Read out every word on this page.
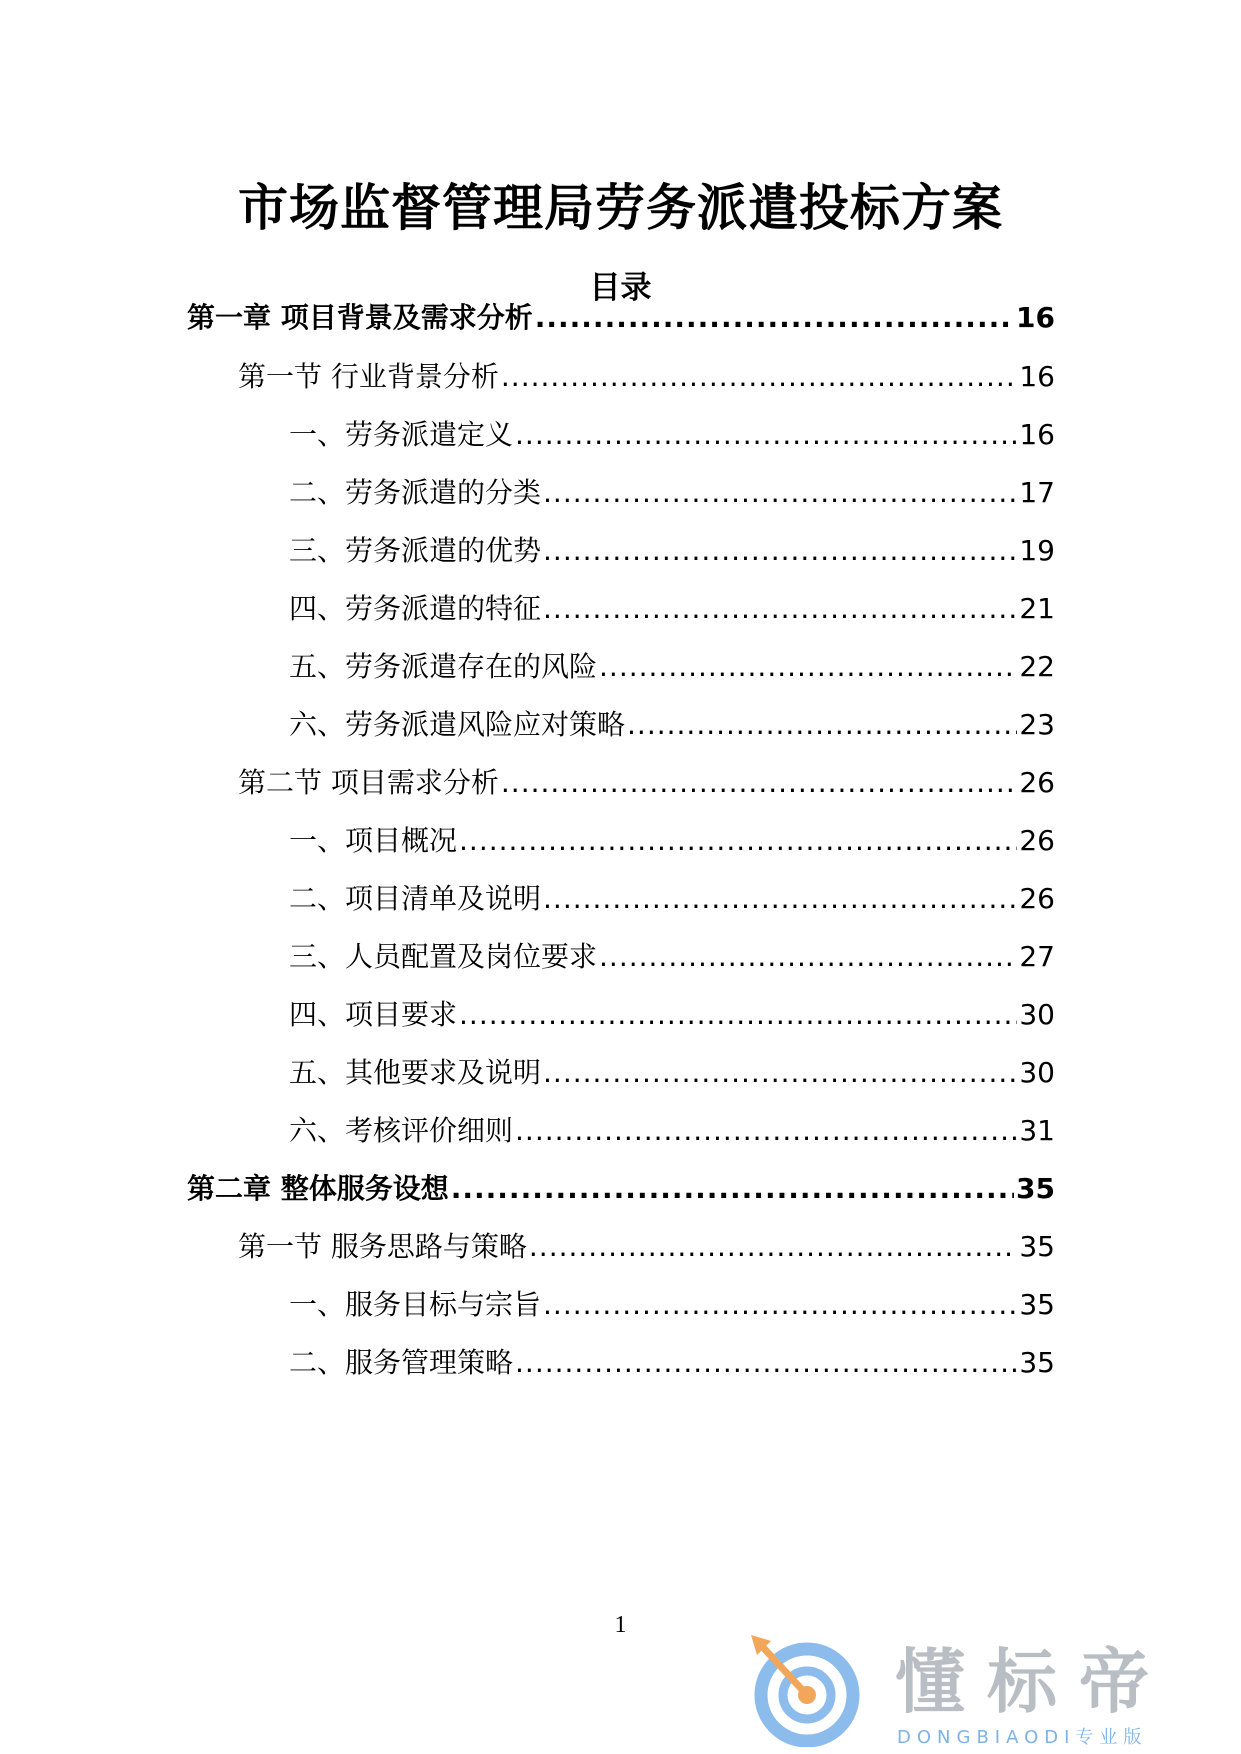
市场监督管理局劳务派遣投标方案
目录
第一章 项目背景及需求分析 .....	16
第一节 行业背景分析 .....	16
一、劳务派遣定义 .....	16
二、劳务派遣的分类 .....	17
三、劳务派遣的优势 .....	19
四、劳务派遣的特征 .....	21
五、劳务派遣存在的风险 .....	22
六、劳务派遣风险应对策略 .....	23
第二节 项目需求分析 .....	26
一、项目概况 .....	26
二、项目清单及说明 .....	26
三、人员配置及岗位要求 .....	27
四、项目要求 .....	30
五、其他要求及说明 .....	30
六、考核评价细则 .....	31
第二章 整体服务设想 .....	35
第一节 服务思路与策略 .....	35
一、服务目标与宗旨 .....	35
二、服务管理策略 .....	35
1
懂标帝
DONGBIAODI专业版
